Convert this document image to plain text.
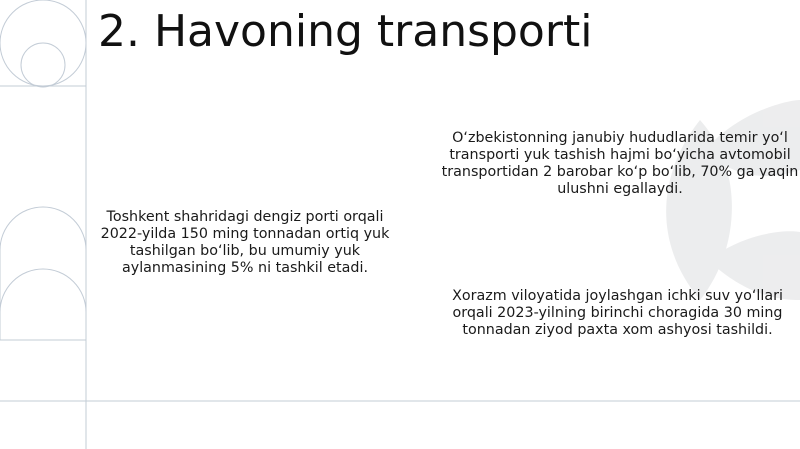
2. Havoning transporti

O‘zbekistonning janubiy hududlarida temir yo‘l transporti yuk tashish hajmi bo‘yicha avtomobil transportidan 2 barobar ko‘p bo‘lib, 70% ga yaqin ulushni egallaydi.

Toshkent shahridagi dengiz porti orqali 2022-yilda 150 ming tonnadan ortiq yuk tashilgan bo‘lib, bu umumiy yuk aylanmasining 5% ni tashkil etadi.

Xorazm viloyatida joylashgan ichki suv yo‘llari orqali 2023-yilning birinchi choragida 30 ming tonnadan ziyod paxta xom ashyosi tashildi.
